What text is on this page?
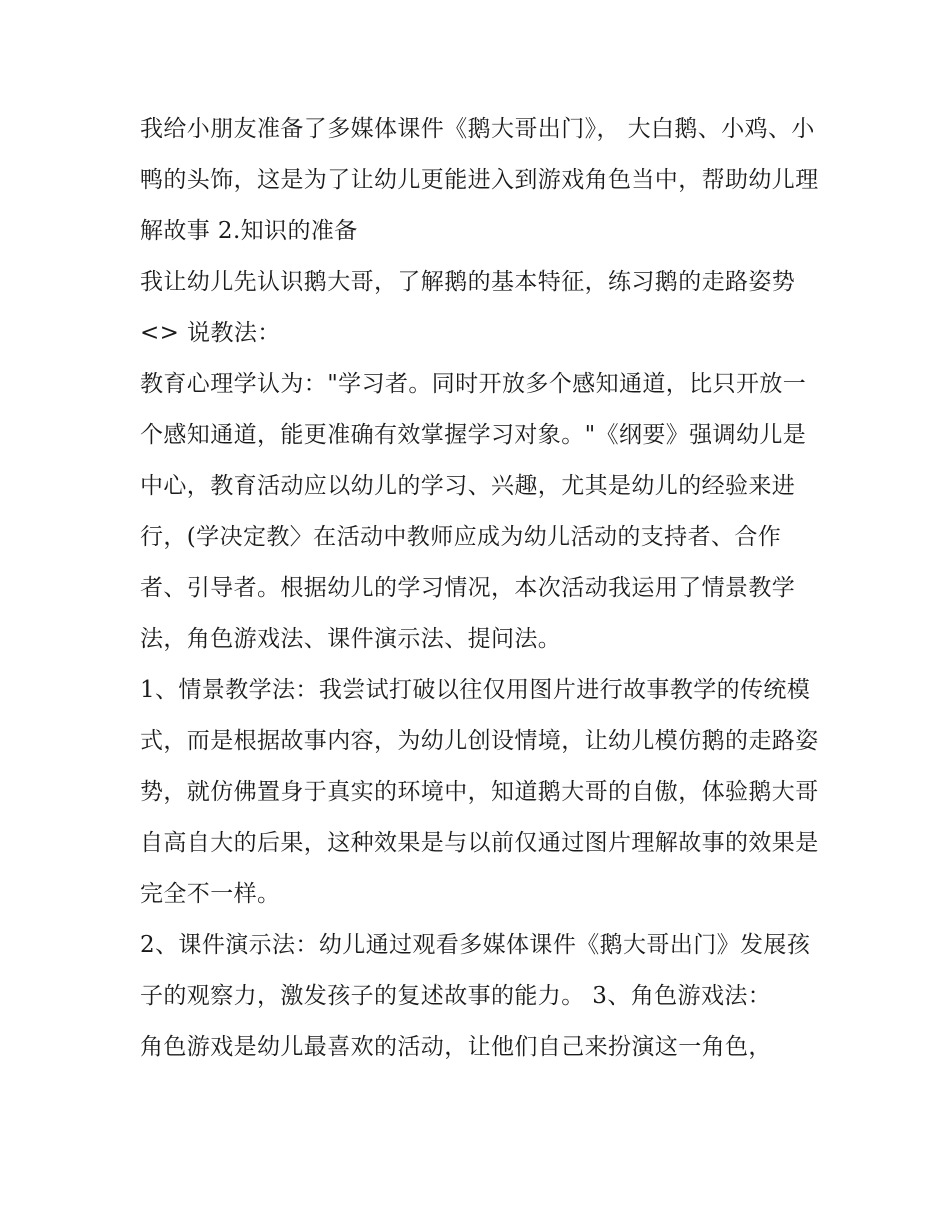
我给小朋友准备了多媒体课件《鹅大哥出门》， 大白鹅、小鸡、小鸭的头饰，这是为了让幼儿更能进入到游戏角色当中，帮助幼儿理解故事 2.知识的准备

我让幼儿先认识鹅大哥，了解鹅的基本特征，练习鹅的走路姿势 <> 说教法：

教育心理学认为："学习者。同时开放多个感知通道，比只开放一个感知通道，能更准确有效掌握学习对象。"《纲要》强调幼儿是中心，教育活动应以幼儿的学习、兴趣，尤其是幼儿的经验来进行，(学决定教〉在活动中教师应成为幼儿活动的支持者、合作者、引导者。根据幼儿的学习情况，本次活动我运用了情景教学法，角色游戏法、课件演示法、提问法。

1、情景教学法：我尝试打破以往仅用图片进行故事教学的传统模式，而是根据故事内容，为幼儿创设情境，让幼儿模仿鹅的走路姿势，就仿佛置身于真实的环境中，知道鹅大哥的自傲，体验鹅大哥自高自大的后果，这种效果是与以前仅通过图片理解故事的效果是完全不一样。

2、课件演示法：幼儿通过观看多媒体课件《鹅大哥出门》发展孩子的观察力，激发孩子的复述故事的能力。 3、角色游戏法：

角色游戏是幼儿最喜欢的活动，让他们自己来扮演这一角色，
